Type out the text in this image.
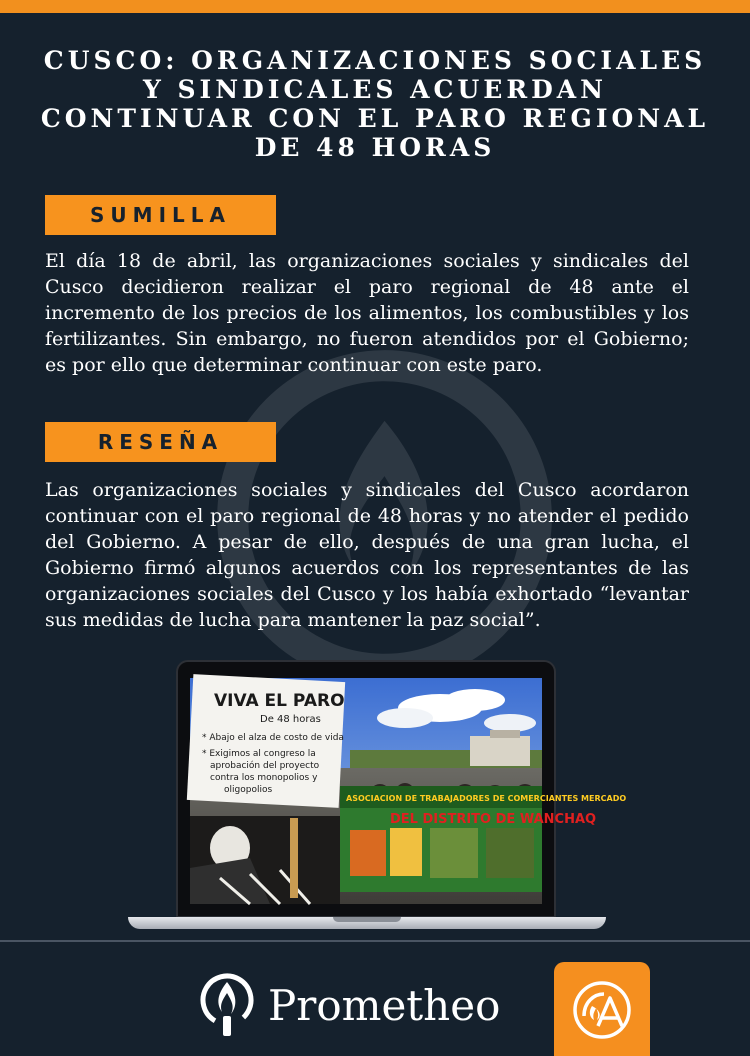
CUSCO: ORGANIZACIONES SOCIALES Y SINDICALES ACUERDAN CONTINUAR CON EL PARO REGIONAL DE 48 HORAS
SUMILLA

El día 18 de abril, las organizaciones sociales y sindicales del Cusco decidieron realizar el paro regional de 48 ante el incremento de los precios de los alimentos, los combustibles y los fertilizantes. Sin embargo, no fueron atendidos por el Gobierno; es por ello que determinar continuar con este paro.

RESEÑA

Las organizaciones sociales y sindicales del Cusco acordaron continuar con el paro regional de 48 horas y no atender el pedido del Gobierno. A pesar de ello, después de una gran lucha, el Gobierno firmó algunos acuerdos con los representantes de las organizaciones sociales del Cusco y los había exhortado “levantar sus medidas de lucha para mantener la paz social”.

VIVA EL PARO
De 48 horas
* Abajo el alza de costo de vida
* Exigimos al congreso la
aprobación del proyecto
contra los monopolios y
oligopolios
ASOCIACION DE TRABAJADORES DE COMERCIANTES MERCADO
DEL DISTRITO DE WANCHAQ
Prometheo
